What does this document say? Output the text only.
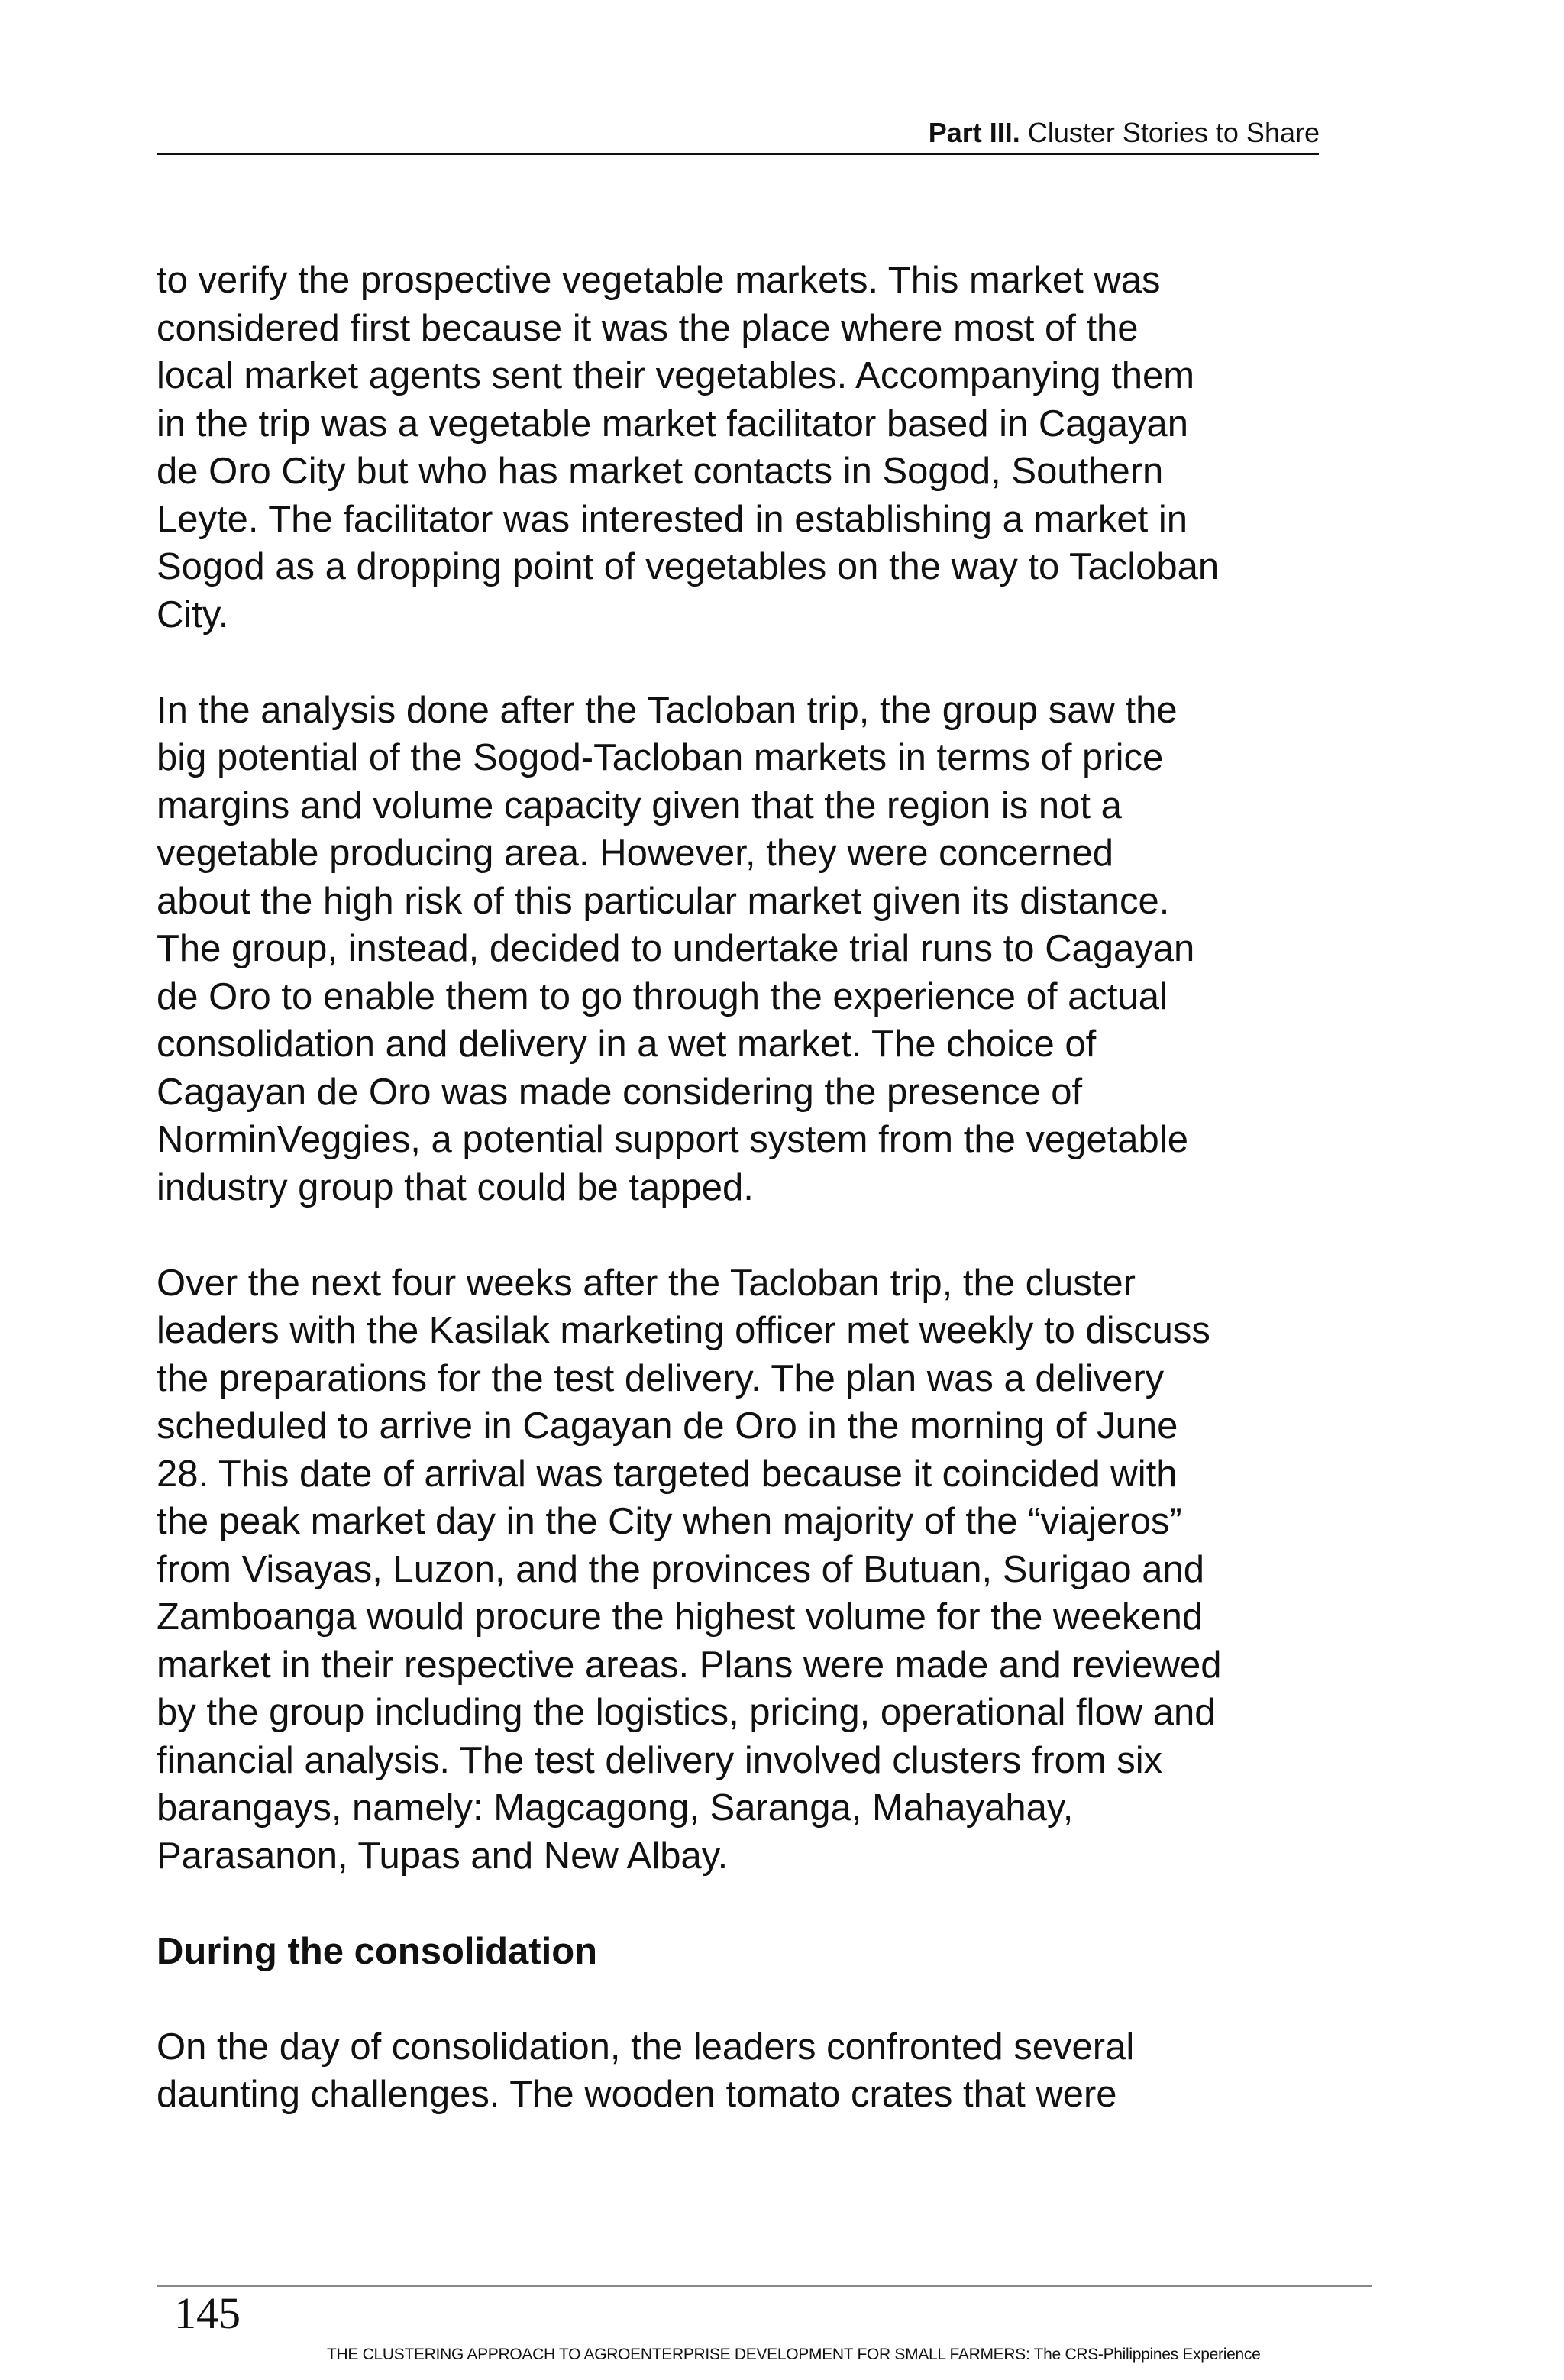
Part III. Cluster Stories to Share
to verify the prospective vegetable markets. This market was
considered first because it was the place where most of the
local market agents sent their vegetables. Accompanying them
in the trip was a vegetable market facilitator based in Cagayan
de Oro City but who has market contacts in Sogod, Southern
Leyte. The facilitator was interested in establishing a market in
Sogod as a dropping point of vegetables on the way to Tacloban
City.
In the analysis done after the Tacloban trip, the group saw the
big potential of the Sogod-Tacloban markets in terms of price
margins and volume capacity given that the region is not a
vegetable producing area. However, they were concerned
about the high risk of this particular market given its distance.
The group, instead, decided to undertake trial runs to Cagayan
de Oro to enable them to go through the experience of actual
consolidation and delivery in a wet market. The choice of
Cagayan de Oro was made considering the presence of
NorminVeggies, a potential support system from the vegetable
industry group that could be tapped.
Over the next four weeks after the Tacloban trip, the cluster
leaders with the Kasilak marketing officer met weekly to discuss
the preparations for the test delivery. The plan was a delivery
scheduled to arrive in Cagayan de Oro in the morning of June
28. This date of arrival was targeted because it coincided with
the peak market day in the City when majority of the “viajeros”
from Visayas, Luzon, and the provinces of Butuan, Surigao and
Zamboanga would procure the highest volume for the weekend
market in their respective areas. Plans were made and reviewed
by the group including the logistics, pricing, operational flow and
financial analysis. The test delivery involved clusters from six
barangays, namely: Magcagong, Saranga, Mahayahay,
Parasanon, Tupas and New Albay.
During the consolidation
On the day of consolidation, the leaders confronted several
daunting challenges. The wooden tomato crates that were
145
THE CLUSTERING APPROACH TO AGROENTERPRISE DEVELOPMENT FOR SMALL FARMERS: The CRS-Philippines Experience
